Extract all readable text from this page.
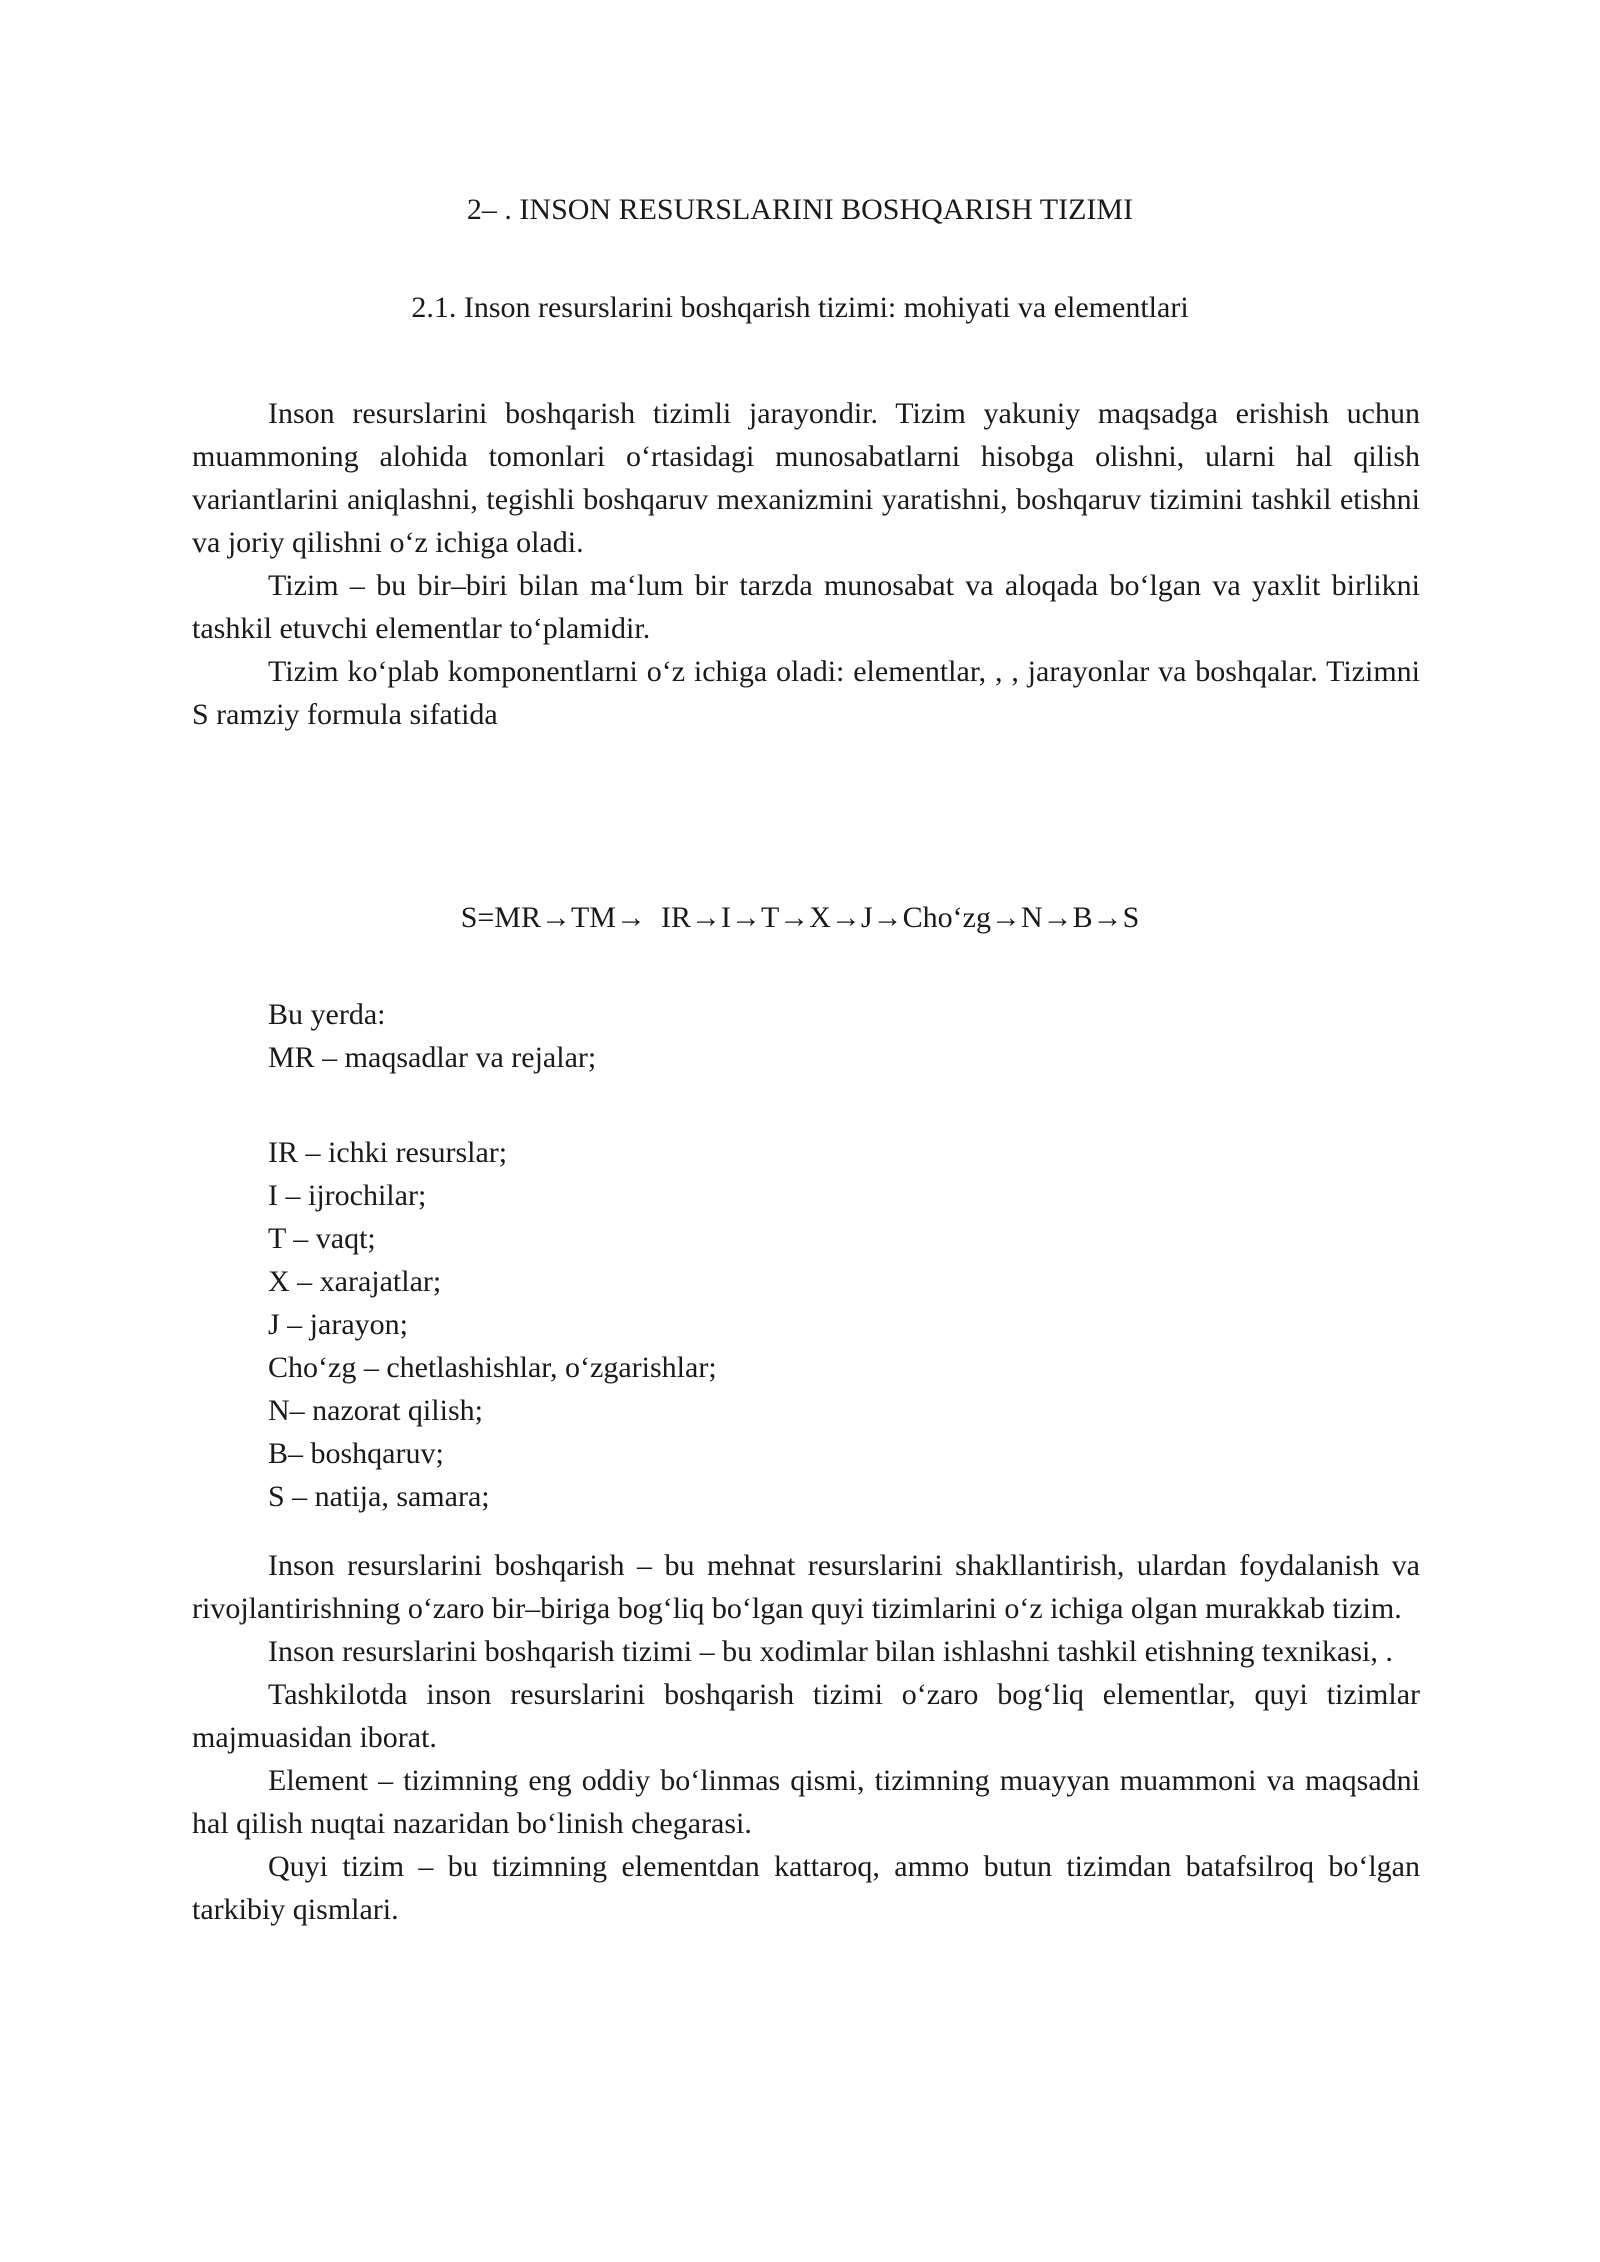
2– . INSON RESURSLARINI BOSHQARISH TIZIMI
2.1. Inson resurslarini boshqarish tizimi: mohiyati va elementlari

Inson resurslarini boshqarish tizimli jarayondir. Tizim yakuniy maqsadga erishish uchun muammoning alohida tomonlari o‘rtasidagi munosabatlarni hisobga olishni, ularni hal qilish variantlarini aniqlashni, tegishli boshqaruv mexanizmini yaratishni, boshqaruv tizimini tashkil etishni va joriy qilishni o‘z ichiga oladi.

Tizim – bu bir–biri bilan ma‘lum bir tarzda munosabat va aloqada bo‘lgan va yaxlit birlikni tashkil etuvchi elementlar to‘plamidir.

Tizim ko‘plab komponentlarni o‘z ichiga oladi: elementlar, , , jarayonlar va boshqalar. Tizimni S ramziy formula sifatida

S=MR→TM→  IR→I→T→X→J→Cho‘zg→N→B→S
Bu yerda:
MR – maqsadlar va rejalar;
IR – ichki resurslar;
I – ijrochilar;
T – vaqt;
X – xarajatlar;
J – jarayon;
Cho‘zg – chetlashishlar, o‘zgarishlar;
N– nazorat qilish;
B– boshqaruv;
S – natija, samara;

Inson resurslarini boshqarish – bu mehnat resurslarini shakllantirish, ulardan foydalanish va rivojlantirishning o‘zaro bir–biriga bog‘liq bo‘lgan quyi tizimlarini o‘z ichiga olgan murakkab tizim.

Inson resurslarini boshqarish tizimi – bu xodimlar bilan ishlashni tashkil etishning texnikasi, .

Tashkilotda inson resurslarini boshqarish tizimi o‘zaro bog‘liq elementlar, quyi tizimlar majmuasidan iborat.

Element – tizimning eng oddiy bo‘linmas qismi, tizimning muayyan muammoni va maqsadni hal qilish nuqtai nazaridan bo‘linish chegarasi.

Quyi tizim – bu tizimning elementdan kattaroq, ammo butun tizimdan batafsilroq bo‘lgan tarkibiy qismlari.
